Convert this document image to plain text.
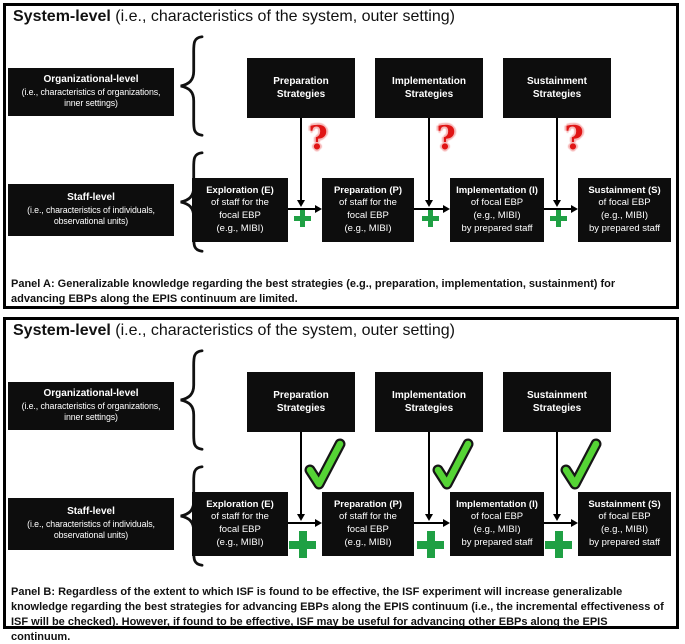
System-level (i.e., characteristics of the system, outer setting)
Organizational-level
(i.e., characteristics of organizations,
inner settings)
Preparation
Strategies
Implementation
Strategies
Sustainment
Strategies
?	?	?
Staff-level
(i.e., characteristics of individuals,
observational units)
Exploration (E)
of staff for the
focal EBP
(e.g., MIBI)
Preparation (P)
of staff for the
focal EBP
(e.g., MIBI)
Implementation (I)
of focal EBP
(e.g., MIBI)
by prepared staff
Sustainment (S)
of focal EBP
(e.g., MIBI)
by prepared staff

Panel A: Generalizable knowledge regarding the best strategies (e.g., preparation, implementation, sustainment) for advancing EBPs along the EPIS continuum are limited.

System-level (i.e., characteristics of the system, outer setting)
Organizational-level
(i.e., characteristics of organizations,
inner settings)
Preparation
Strategies
Implementation
Strategies
Sustainment
Strategies
Staff-level
(i.e., characteristics of individuals,
observational units)
Exploration (E)
of staff for the
focal EBP
(e.g., MIBI)
Preparation (P)
of staff for the
focal EBP
(e.g., MIBI)
Implementation (I)
of focal EBP
(e.g., MIBI)
by prepared staff
Sustainment (S)
of focal EBP
(e.g., MIBI)
by prepared staff

Panel B: Regardless of the extent to which ISF is found to be effective, the ISF experiment will increase generalizable knowledge regarding the best strategies for advancing EBPs along the EPIS continuum (i.e., the incremental effectiveness of ISF will be checked). However, if found to be effective, ISF may be useful for advancing other EBPs along the EPIS continuum.
